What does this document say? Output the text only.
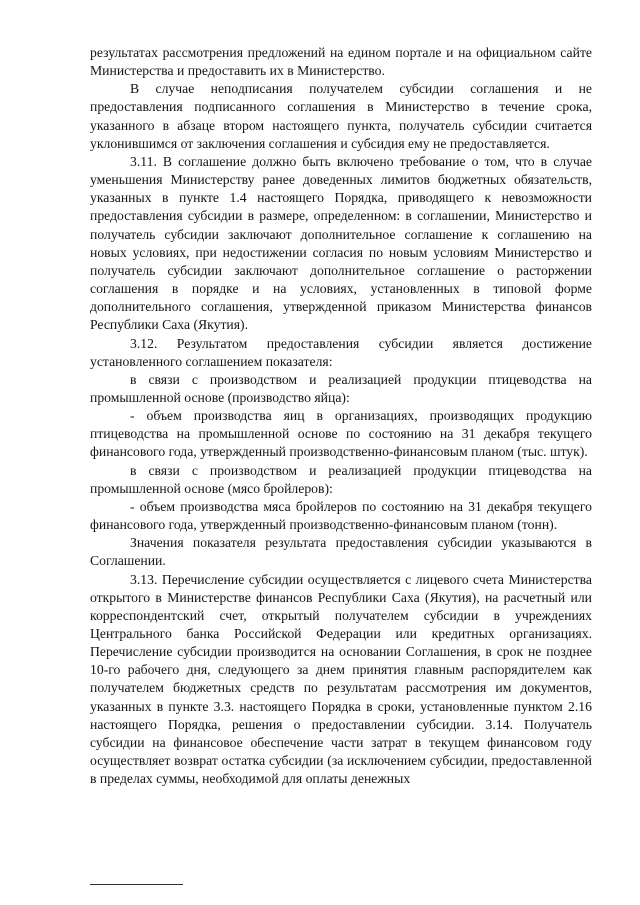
результатах рассмотрения предложений на едином портале и на официальном сайте Министерства и предоставить их в Министерство.

В случае неподписания получателем субсидии соглашения и не предоставления подписанного соглашения в Министерство в течение срока, указанного в абзаце втором настоящего пункта, получатель субсидии считается уклонившимся от заключения соглашения и субсидия ему не предоставляется.

3.11. В соглашение должно быть включено требование о том, что в случае уменьшения Министерству ранее доведенных лимитов бюджетных обязательств, указанных в пункте 1.4 настоящего Порядка, приводящего к невозможности предоставления субсидии в размере, определенном: в соглашении, Министерство и получатель субсидии заключают дополнительное соглашение к соглашению на новых условиях, при недостижении согласия по новым условиям Министерство и получатель субсидии заключают дополнительное соглашение о расторжении соглашения в порядке и на условиях, установленных в типовой форме дополнительного соглашения, утвержденной приказом Министерства финансов Республики Саха (Якутия).

3.12. Результатом предоставления субсидии является достижение установленного соглашением показателя:

в связи с производством и реализацией продукции птицеводства на промышленной основе (производство яйца):

- объем производства яиц в организациях, производящих продукцию птицеводства на промышленной основе по состоянию на 31 декабря текущего финансового года, утвержденный производственно-финансовым планом (тыс. штук).

в связи с производством и реализацией продукции птицеводства на промышленной основе (мясо бройлеров):

- объем производства мяса бройлеров по состоянию на 31 декабря текущего финансового года, утвержденный производственно-финансовым планом (тонн).

Значения показателя результата предоставления субсидии указываются в Соглашении.

3.13. Перечисление субсидии осуществляется с лицевого счета Министерства открытого в Министерстве финансов Республики Саха (Якутия), на расчетный или корреспондентский счет, открытый получателем субсидии в учреждениях Центрального банка Российской Федерации или кредитных организациях. Перечисление субсидии производится на основании Соглашения, в срок не позднее 10-го рабочего дня, следующего за днем принятия главным распорядителем как получателем бюджетных средств по результатам рассмотрения им документов, указанных в пункте 3.3. настоящего Порядка в сроки, установленные пунктом 2.16 настоящего Порядка, решения о предоставлении субсидии. 3.14. Получатель субсидии на финансовое обеспечение части затрат в текущем финансовом году осуществляет возврат остатка субсидии (за исключением субсидии, предоставленной в пределах суммы, необходимой для оплаты денежных
